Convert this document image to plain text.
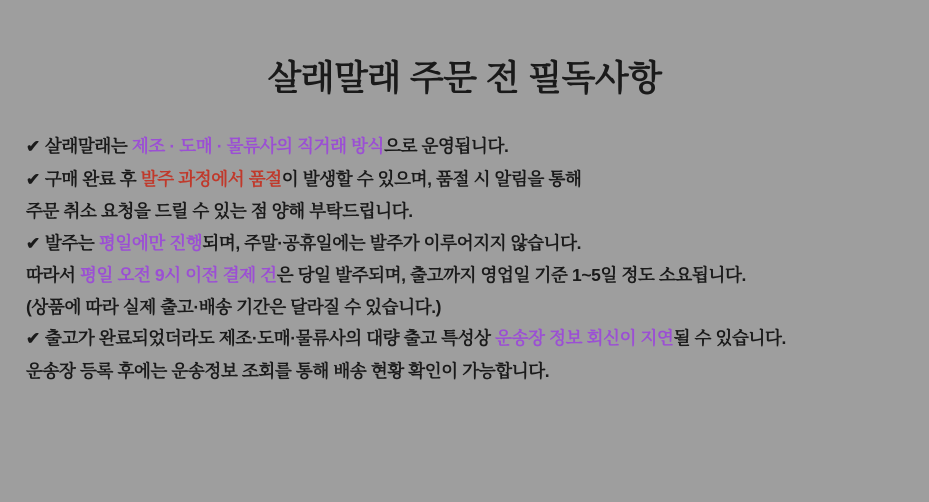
살래말래 주문 전 필독사항
✔ 살래말래는 제조 · 도매 · 물류사의 직거래 방식으로 운영됩니다.
✔ 구매 완료 후 발주 과정에서 품절이 발생할 수 있으며, 품절 시 알림을 통해
주문 취소 요청을 드릴 수 있는 점 양해 부탁드립니다.
✔ 발주는 평일에만 진행되며, 주말·공휴일에는 발주가 이루어지지 않습니다.
따라서 평일 오전 9시 이전 결제 건은 당일 발주되며, 출고까지 영업일 기준 1~5일 정도 소요됩니다.
(상품에 따라 실제 출고·배송 기간은 달라질 수 있습니다.)
✔ 출고가 완료되었더라도 제조·도매·물류사의 대량 출고 특성상 운송장 정보 회신이 지연될 수 있습니다.
운송장 등록 후에는 운송정보 조회를 통해 배송 현황 확인이 가능합니다.
